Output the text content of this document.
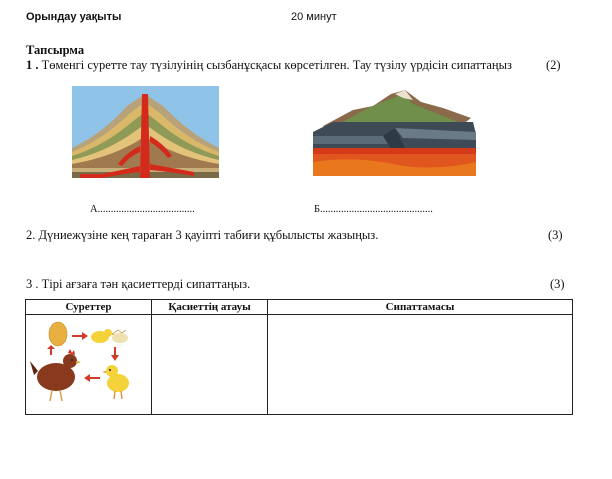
Орындау уақыты	20 минут
Тапсырма
1 . Төменгі суретте тау түзілуінің сызбанұсқасы көрсетілген. Тау түзілу үрдісін сипаттаңыз	(2)
А.....................................	Б...........................................
2. Дүниежүзіне кең тараған 3 қауіпті табиғи құбылысты жазыңыз.	(3)
3 . Тірі ағзаға тән қасиеттерді сипаттаңыз.	(3)
Суреттер	Қасиеттің атауы	Сипаттамасы
